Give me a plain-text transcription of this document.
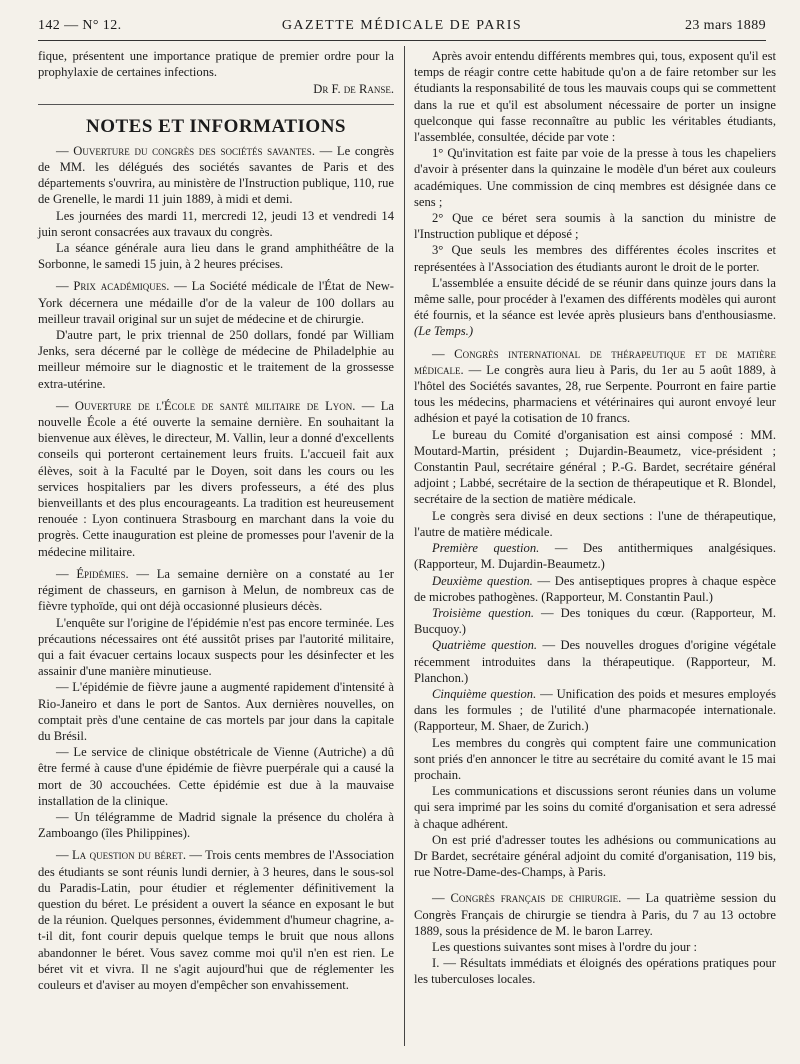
142 — N° 12.	GAZETTE MÉDICALE DE PARIS	23 mars 1889

fique, présentent une importance pratique de premier ordre pour la prophylaxie de certaines infections.

Dr F. de Ranse.

NOTES ET INFORMATIONS

— Ouverture du congrès des sociétés savantes. — Le congrès de MM. les délégués des sociétés savantes de Paris et des départements s'ouvrira, au ministère de l'Instruction publique, 110, rue de Grenelle, le mardi 11 juin 1889, à midi et demi.

Les journées des mardi 11, mercredi 12, jeudi 13 et vendredi 14 juin seront consacrées aux travaux du congrès.

La séance générale aura lieu dans le grand amphithéâtre de la Sorbonne, le samedi 15 juin, à 2 heures précises.

— Prix académiques. — La Société médicale de l'État de New-York décernera une médaille d'or de la valeur de 100 dollars au meilleur travail original sur un sujet de médecine et de chirurgie.

D'autre part, le prix triennal de 250 dollars, fondé par William Jenks, sera décerné par le collège de médecine de Philadelphie au meilleur mémoire sur le diagnostic et le traitement de la grossesse extra-utérine.

— Ouverture de l'École de santé militaire de Lyon. — La nouvelle École a été ouverte la semaine dernière. En souhaitant la bienvenue aux élèves, le directeur, M. Vallin, leur a donné d'excellents conseils qui porteront certainement leurs fruits. L'accueil fait aux élèves, soit à la Faculté par le Doyen, soit dans les cours ou les services hospitaliers par les divers professeurs, a été des plus bienveillants et des plus encourageants. La tradition est heureusement renouée : Lyon continuera Strasbourg en marchant dans la voie du progrès. Cette inauguration est pleine de promesses pour l'avenir de la médecine militaire.

— Épidémies. — La semaine dernière on a constaté au 1er régiment de chasseurs, en garnison à Melun, de nombreux cas de fièvre typhoïde, qui ont déjà occasionné plusieurs décès.

L'enquête sur l'origine de l'épidémie n'est pas encore terminée. Les précautions nécessaires ont été aussitôt prises par l'autorité militaire, qui a fait évacuer certains locaux suspects pour les désinfecter et les assainir d'une manière minutieuse.

— L'épidémie de fièvre jaune a augmenté rapidement d'intensité à Rio-Janeiro et dans le port de Santos. Aux dernières nouvelles, on comptait près d'une centaine de cas mortels par jour dans la capitale du Brésil.

— Le service de clinique obstétricale de Vienne (Autriche) a dû être fermé à cause d'une épidémie de fièvre puerpérale qui a causé la mort de 30 accouchées. Cette épidémie est due à la mauvaise installation de la clinique.

— Un télégramme de Madrid signale la présence du choléra à Zamboango (îles Philippines).

— La question du béret. — Trois cents membres de l'Association des étudiants se sont réunis lundi dernier, à 3 heures, dans le sous-sol du Paradis-Latin, pour étudier et réglementer définitivement la question du béret. Le président a ouvert la séance en exposant le but de la réunion. Quelques personnes, évidemment d'humeur chagrine, a-t-il dit, font courir depuis quelque temps le bruit que nous allons abandonner le béret. Vous savez comme moi qu'il n'en est rien. Le béret vit et vivra. Il ne s'agit aujourd'hui que de réglementer les couleurs et d'aviser au moyen d'empêcher son envahissement.

Après avoir entendu différents membres qui, tous, exposent qu'il est temps de réagir contre cette habitude qu'on a de faire retomber sur les étudiants la responsabilité de tous les mauvais coups qui se commettent dans la rue et qu'il est absolument nécessaire de porter un insigne quelconque qui fasse reconnaître au public les véritables étudiants, l'assemblée, consultée, décide par vote :

1° Qu'invitation est faite par voie de la presse à tous les chapeliers d'avoir à présenter dans la quinzaine le modèle d'un béret aux couleurs académiques. Une commission de cinq membres est désignée dans ce sens ;

2° Que ce béret sera soumis à la sanction du ministre de l'Instruction publique et déposé ;

3° Que seuls les membres des différentes écoles inscrites et représentées à l'Association des étudiants auront le droit de le porter.

L'assemblée a ensuite décidé de se réunir dans quinze jours dans la même salle, pour procéder à l'examen des différents modèles qui auront été fournis, et la séance est levée après plusieurs bans d'enthousiasme. (Le Temps.)

— Congrès international de thérapeutique et de matière médicale. — Le congrès aura lieu à Paris, du 1er au 5 août 1889, à l'hôtel des Sociétés savantes, 28, rue Serpente. Pourront en faire partie tous les médecins, pharmaciens et vétérinaires qui auront envoyé leur adhésion et payé la cotisation de 10 francs.

Le bureau du Comité d'organisation est ainsi composé : MM. Moutard-Martin, président ; Dujardin-Beaumetz, vice-président ; Constantin Paul, secrétaire général ; P.-G. Bardet, secrétaire général adjoint ; Labbé, secrétaire de la section de thérapeutique et R. Blondel, secrétaire de la section de matière médicale.

Le congrès sera divisé en deux sections : l'une de thérapeutique, l'autre de matière médicale.

Première question. — Des antithermiques analgésiques. (Rapporteur, M. Dujardin-Beaumetz.)

Deuxième question. — Des antiseptiques propres à chaque espèce de microbes pathogènes. (Rapporteur, M. Constantin Paul.)

Troisième question. — Des toniques du cœur. (Rapporteur, M. Bucquoy.)

Quatrième question. — Des nouvelles drogues d'origine végétale récemment introduites dans la thérapeutique. (Rapporteur, M. Planchon.)

Cinquième question. — Unification des poids et mesures employés dans les formules ; de l'utilité d'une pharmacopée internationale. (Rapporteur, M. Shaer, de Zurich.)

Les membres du congrès qui comptent faire une communication sont priés d'en annoncer le titre au secrétaire du comité avant le 15 mai prochain.

Les communications et discussions seront réunies dans un volume qui sera imprimé par les soins du comité d'organisation et sera adressé à chaque adhérent.

On est prié d'adresser toutes les adhésions ou communications au Dr Bardet, secrétaire général adjoint du comité d'organisation, 119 bis, rue Notre-Dame-des-Champs, à Paris.

— Congrès français de chirurgie. — La quatrième session du Congrès Français de chirurgie se tiendra à Paris, du 7 au 13 octobre 1889, sous la présidence de M. le baron Larrey.

Les questions suivantes sont mises à l'ordre du jour :

I. — Résultats immédiats et éloignés des opérations pratiques pour les tuberculoses locales.
